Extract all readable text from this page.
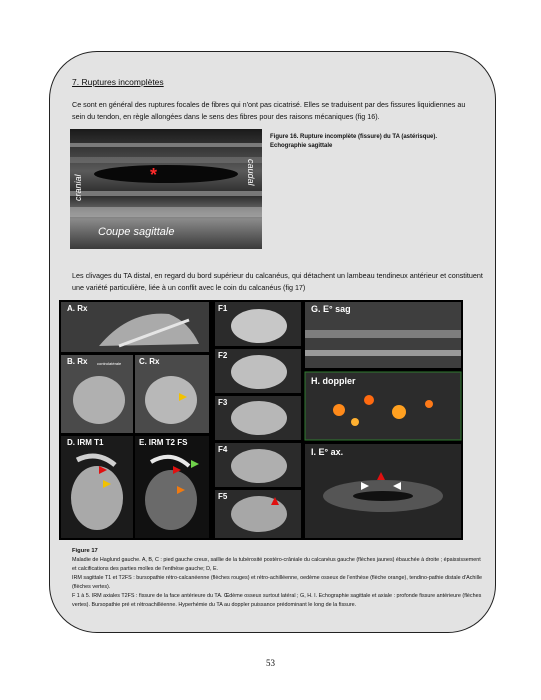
7. Ruptures incomplètes
Ce sont en général des ruptures focales de fibres qui n'ont pas cicatrisé. Elles se traduisent par des fissures liquidiennes au sein du tendon, en règle allongées dans le sens des fibres pour des raisons mécaniques (fig 16).
cranial
caudal
*
Coupe sagittale
Figure 16. Rupture incomplète (fissure) du TA (astérisque). Echographie sagittale
Les clivages du TA distal, en regard du bord supérieur du calcanéus, qui détachent un lambeau tendineux antérieur et constituent une variété particulière, liée à un conflit avec le coin du calcanéus (fig 17)
A. Rx
B. Rx controlatérale C. Rx
D. IRM T1	E. IRM T2 FS
F1
F2
F3
F4
F5
G. E° sag
H. doppler
I. E° ax.
Figure 17
Maladie de Haglund gauche. A, B, C : pied gauche creux, saillie de la tubérosité postéro-crâniale du calcanéus gauche (flèches jaunes) ébauchée à droite ; épaississement et calcifications des parties molles de l'enthèse gauche; D, E.
IRM sagittale T1 et T2FS : bursopathie rétro-calcanéenne (flèches rouges) et rétro-achilléenne, oedème osseux de l'enthèse (flèche orange), tendino-pathie distale d'Achille (flèches vertes).
F 1 à 5. IRM axiales T2FS : fissure de la face antérieure du TA. Œdème osseux surtout latéral ; G, H. I. Echographie sagittale et axiale : profonde fissure antérieure (flèches vertes). Bursopathie pré et rétroachilléenne. Hyperhémie du TA au doppler puissance prédominant le long de la fissure.
53
